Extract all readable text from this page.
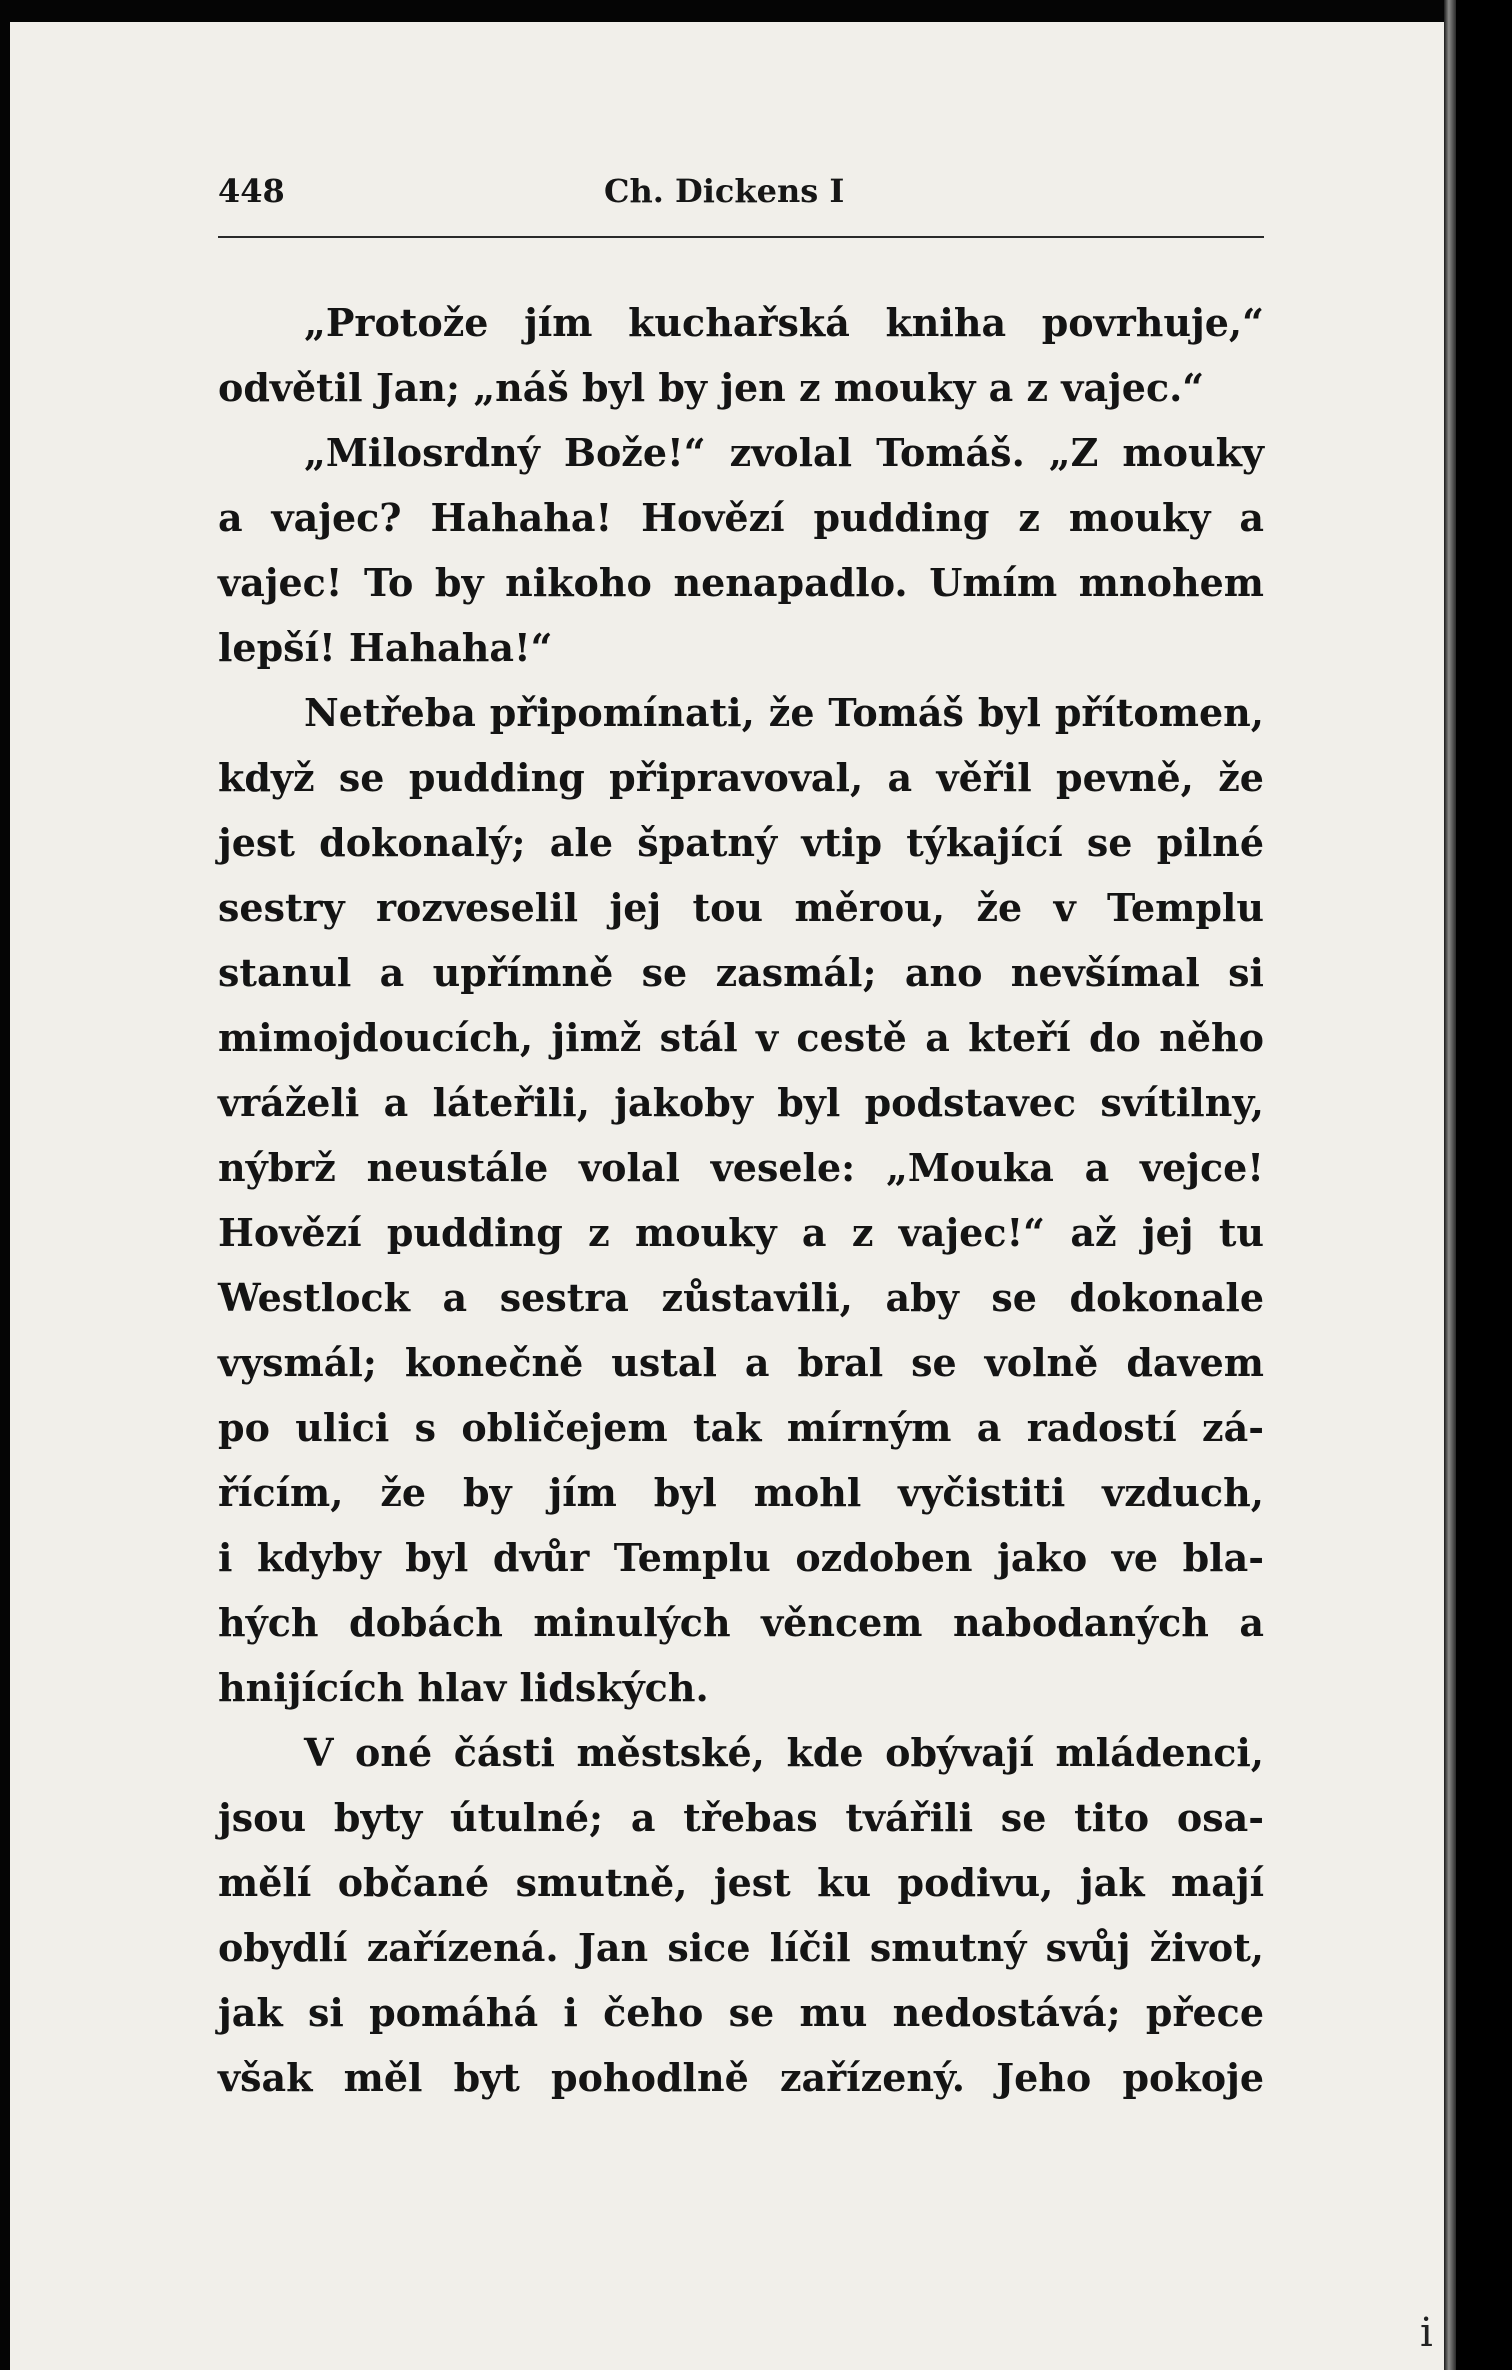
448	Ch. Dickens I
„Protože jím kuchařská kniha povrhuje,“
odvětil Jan; „náš byl by jen z mouky a z vajec.“
„Milosrdný Bože!“ zvolal Tomáš. „Z mouky
a vajec? Hahaha! Hovězí pudding z mouky a
vajec! To by nikoho nenapadlo. Umím mnohem
lepší! Hahaha!“
Netřeba připomínati, že Tomáš byl přítomen,
když se pudding připravoval, a věřil pevně, že
jest dokonalý; ale špatný vtip týkající se pilné
sestry rozveselil jej tou měrou, že v Templu
stanul a upřímně se zasmál; ano nevšímal si
mimojdoucích, jimž stál v cestě a kteří do něho
vráželi a láteřili, jakoby byl podstavec svítilny,
nýbrž neustále volal vesele: „Mouka a vejce!
Hovězí pudding z mouky a z vajec!“ až jej tu
Westlock a sestra zůstavili, aby se dokonale
vysmál; konečně ustal a bral se volně davem
po ulici s obličejem tak mírným a radostí zá-
řícím, že by jím byl mohl vyčistiti vzduch,
i kdyby byl dvůr Templu ozdoben jako ve bla-
hých dobách minulých věncem nabodaných a
hnijících hlav lidských.
V oné části městské, kde obývají mládenci,
jsou byty útulné; a třebas tvářili se tito osa-
mělí občané smutně, jest ku podivu, jak mají
obydlí zařízená. Jan sice líčil smutný svůj život,
jak si pomáhá i čeho se mu nedostává; přece
však měl byt pohodlně zařízený. Jeho pokoje
i
